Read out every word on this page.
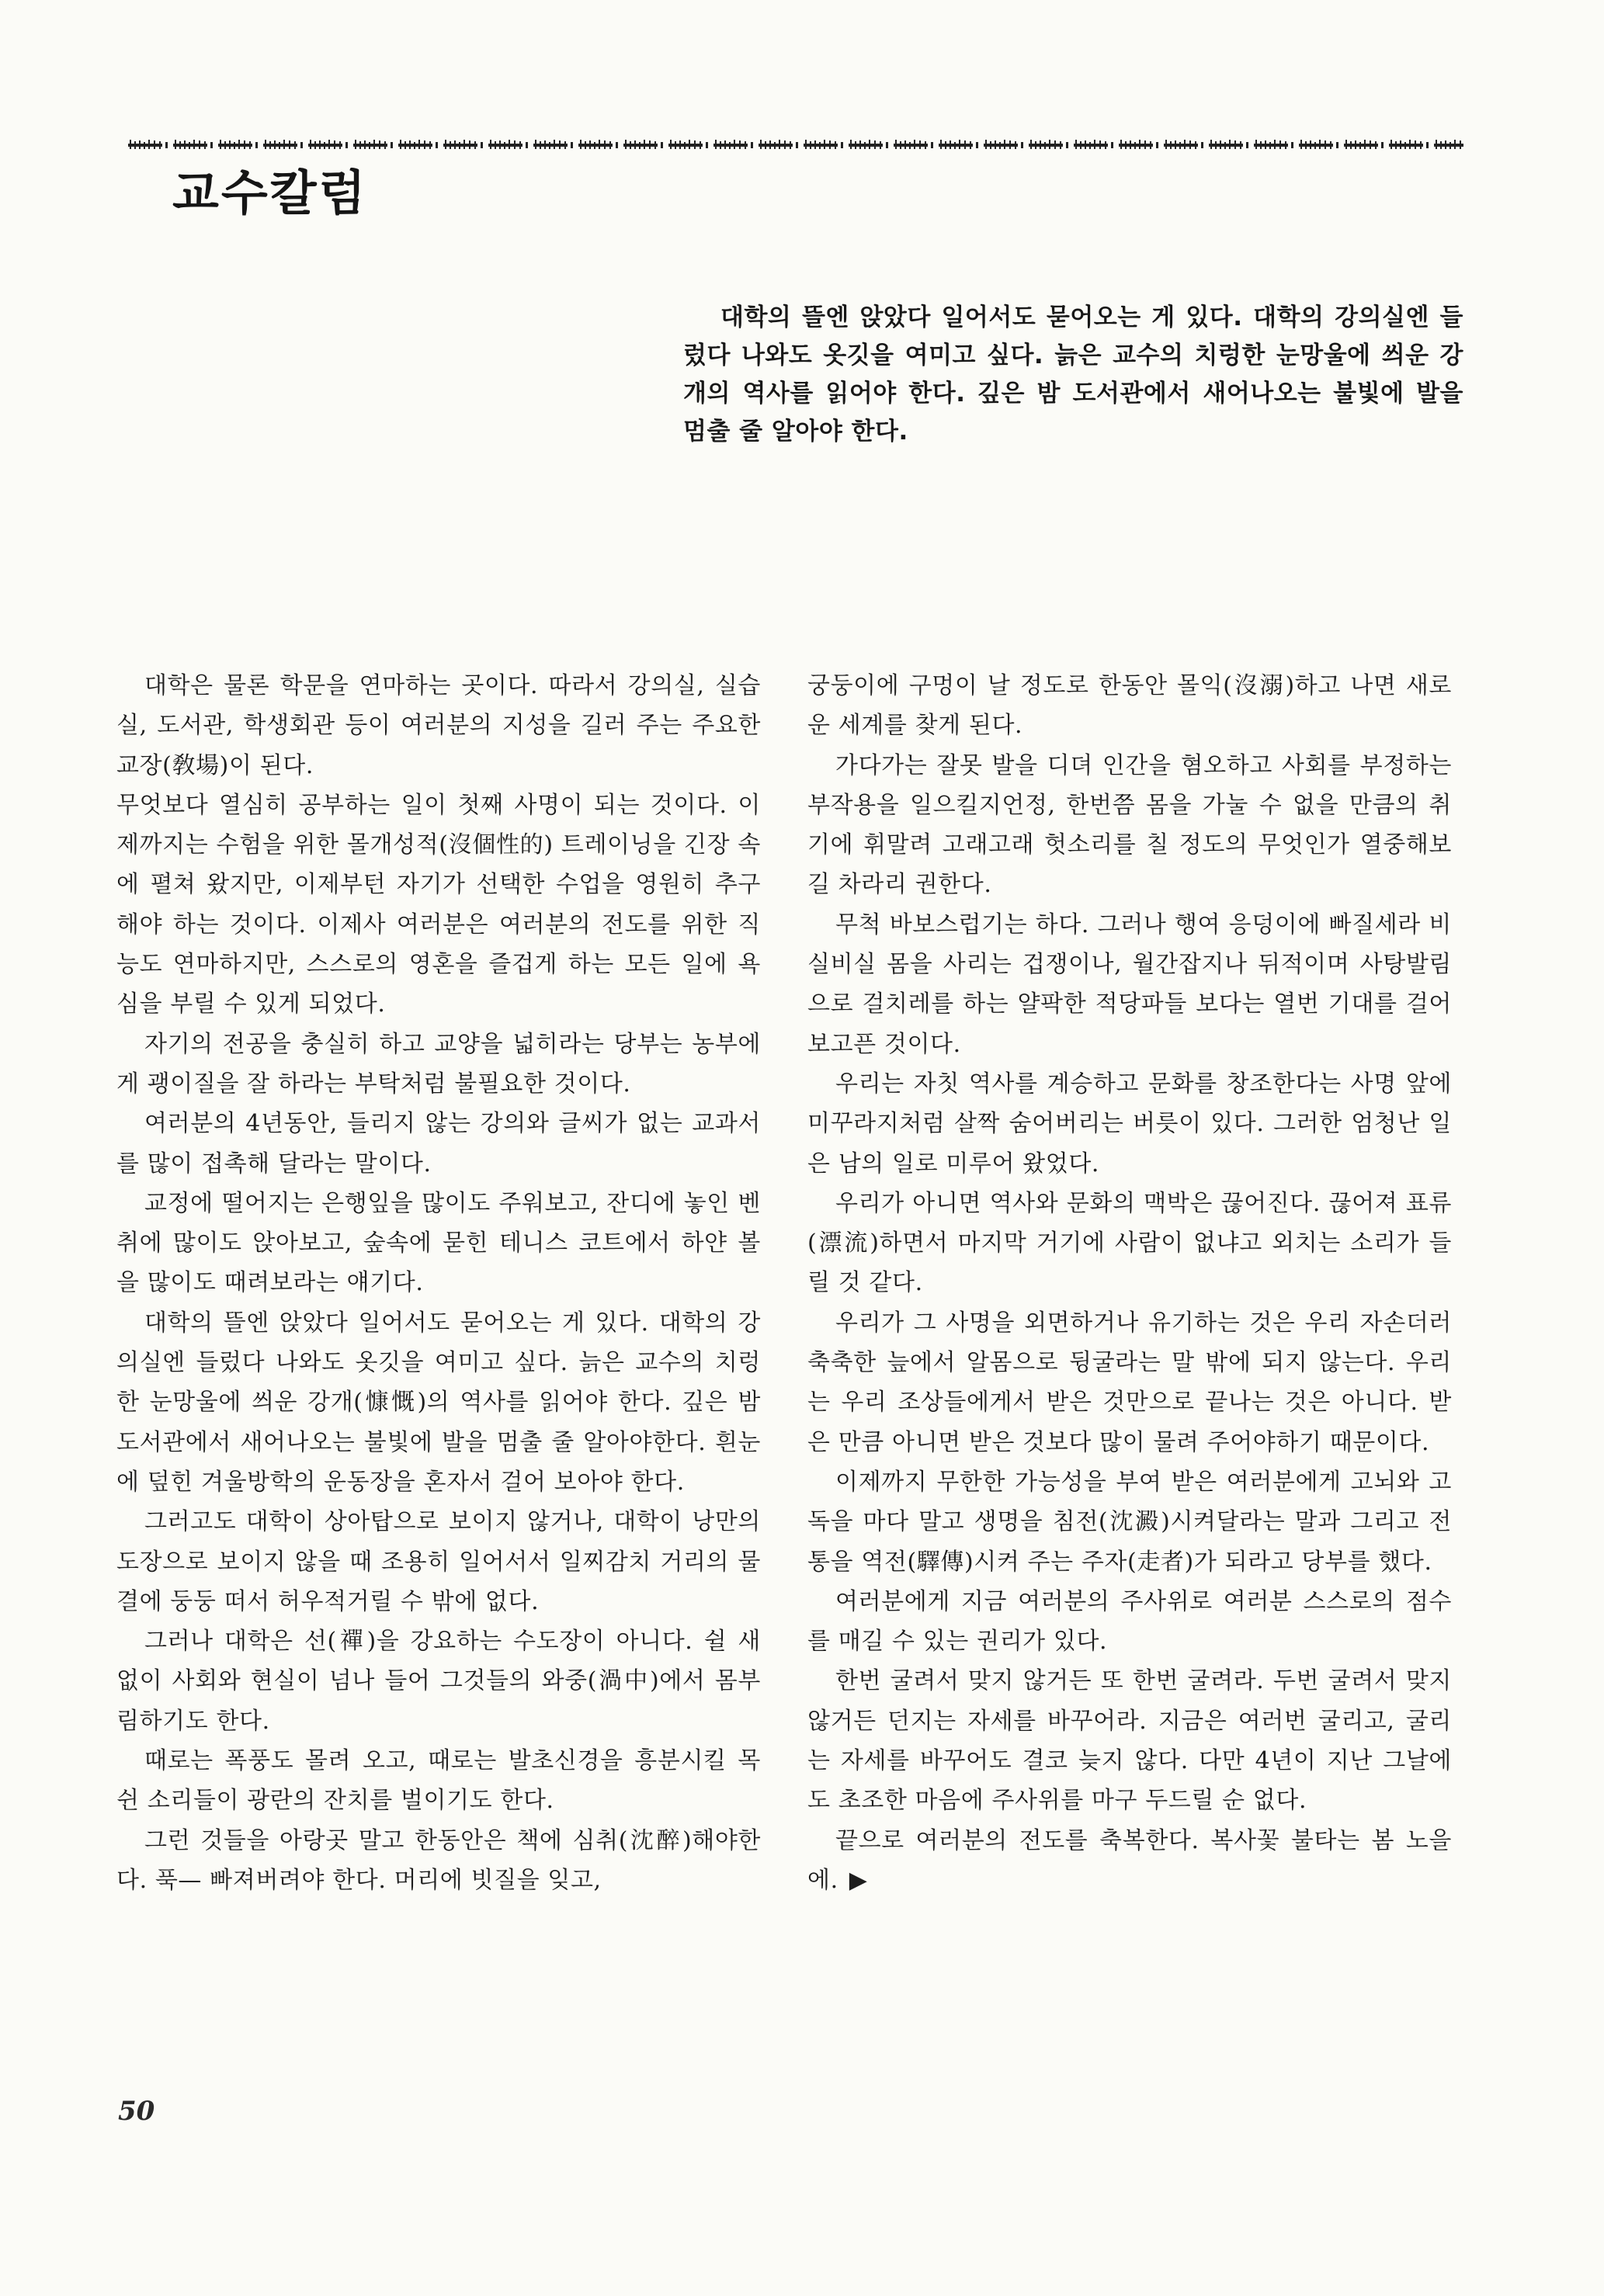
교수칼럼

대학의 뜰엔 앉았다 일어서도 묻어오는 게 있다. 대학의 강의실엔 들렀다 나와도 옷깃을 여미고 싶다. 늙은 교수의 치렁한 눈망울에 씌운 강개의 역사를 읽어야 한다. 깊은 밤 도서관에서 새어나오는 불빛에 발을 멈출 줄 알아야 한다.

대학은 물론 학문을 연마하는 곳이다. 따라서 강의실, 실습실, 도서관, 학생회관 등이 여러분의 지성을 길러 주는 주요한 교장(敎場)이 된다.

무엇보다 열심히 공부하는 일이 첫째 사명이 되는 것이다. 이제까지는 수험을 위한 몰개성적(沒個性的) 트레이닝을 긴장 속에 펼쳐 왔지만, 이제부턴 자기가 선택한 수업을 영원히 추구해야 하는 것이다. 이제사 여러분은 여러분의 전도를 위한 직능도 연마하지만, 스스로의 영혼을 즐겁게 하는 모든 일에 욕심을 부릴 수 있게 되었다.

자기의 전공을 충실히 하고 교양을 넓히라는 당부는 농부에게 괭이질을 잘 하라는 부탁처럼 불필요한 것이다.

여러분의 4년동안, 들리지 않는 강의와 글씨가 없는 교과서를 많이 접촉해 달라는 말이다.

교정에 떨어지는 은행잎을 많이도 주워보고, 잔디에 놓인 벤취에 많이도 앉아보고, 숲속에 묻힌 테니스 코트에서 하얀 볼을 많이도 때려보라는 얘기다.

대학의 뜰엔 앉았다 일어서도 묻어오는 게 있다. 대학의 강의실엔 들렀다 나와도 옷깃을 여미고 싶다. 늙은 교수의 치렁한 눈망울에 씌운 강개(慷慨)의 역사를 읽어야 한다. 깊은 밤 도서관에서 새어나오는 불빛에 발을 멈출 줄 알아야한다. 흰눈에 덮힌 겨울방학의 운동장을 혼자서 걸어 보아야 한다.

그러고도 대학이 상아탑으로 보이지 않거나, 대학이 낭만의 도장으로 보이지 않을 때 조용히 일어서서 일찌감치 거리의 물결에 둥둥 떠서 허우적거릴 수 밖에 없다.

그러나 대학은 선(禪)을 강요하는 수도장이 아니다. 쉴 새 없이 사회와 현실이 넘나 들어 그것들의 와중(渦中)에서 몸부림하기도 한다.

때로는 폭풍도 몰려 오고, 때로는 발초신경을 흥분시킬 목 쉰 소리들이 광란의 잔치를 벌이기도 한다.

그런 것들을 아랑곳 말고 한동안은 책에 심취(沈醉)해야한다. 푹— 빠져버려야 한다. 머리에 빗질을 잊고,

궁둥이에 구멍이 날 정도로 한동안 몰익(沒溺)하고 나면 새로운 세계를 찾게 된다.

가다가는 잘못 발을 디뎌 인간을 혐오하고 사회를 부정하는 부작용을 일으킬지언정, 한번쯤 몸을 가눌 수 없을 만큼의 취기에 휘말려 고래고래 헛소리를 칠 정도의 무엇인가 열중해보길 차라리 권한다.

무척 바보스럽기는 하다. 그러나 행여 응덩이에 빠질세라 비실비실 몸을 사리는 겁쟁이나, 월간잡지나 뒤적이며 사탕발림으로 걸치레를 하는 얄팍한 적당파들 보다는 열번 기대를 걸어보고픈 것이다.

우리는 자칫 역사를 계승하고 문화를 창조한다는 사명 앞에 미꾸라지처럼 살짝 숨어버리는 버릇이 있다. 그러한 엄청난 일은 남의 일로 미루어 왔었다.

우리가 아니면 역사와 문화의 맥박은 끊어진다. 끊어져 표류(漂流)하면서 마지막 거기에 사람이 없냐고 외치는 소리가 들릴 것 같다.

우리가 그 사명을 외면하거나 유기하는 것은 우리 자손더러 축축한 늪에서 알몸으로 뒹굴라는 말 밖에 되지 않는다. 우리는 우리 조상들에게서 받은 것만으로 끝나는 것은 아니다. 받은 만큼 아니면 받은 것보다 많이 물려 주어야하기 때문이다.

이제까지 무한한 가능성을 부여 받은 여러분에게 고뇌와 고독을 마다 말고 생명을 침전(沈澱)시켜달라는 말과 그리고 전통을 역전(驛傳)시켜 주는 주자(走者)가 되라고 당부를 했다.

여러분에게 지금 여러분의 주사위로 여러분 스스로의 점수를 매길 수 있는 권리가 있다.

한번 굴려서 맞지 않거든 또 한번 굴려라. 두번 굴려서 맞지 않거든 던지는 자세를 바꾸어라. 지금은 여러번 굴리고, 굴리는 자세를 바꾸어도 결코 늦지 않다. 다만 4년이 지난 그날에도 초조한 마음에 주사위를 마구 두드릴 순 없다.

끝으로 여러분의 전도를 축복한다. 복사꽃 불타는 봄 노을에. ▶

50
